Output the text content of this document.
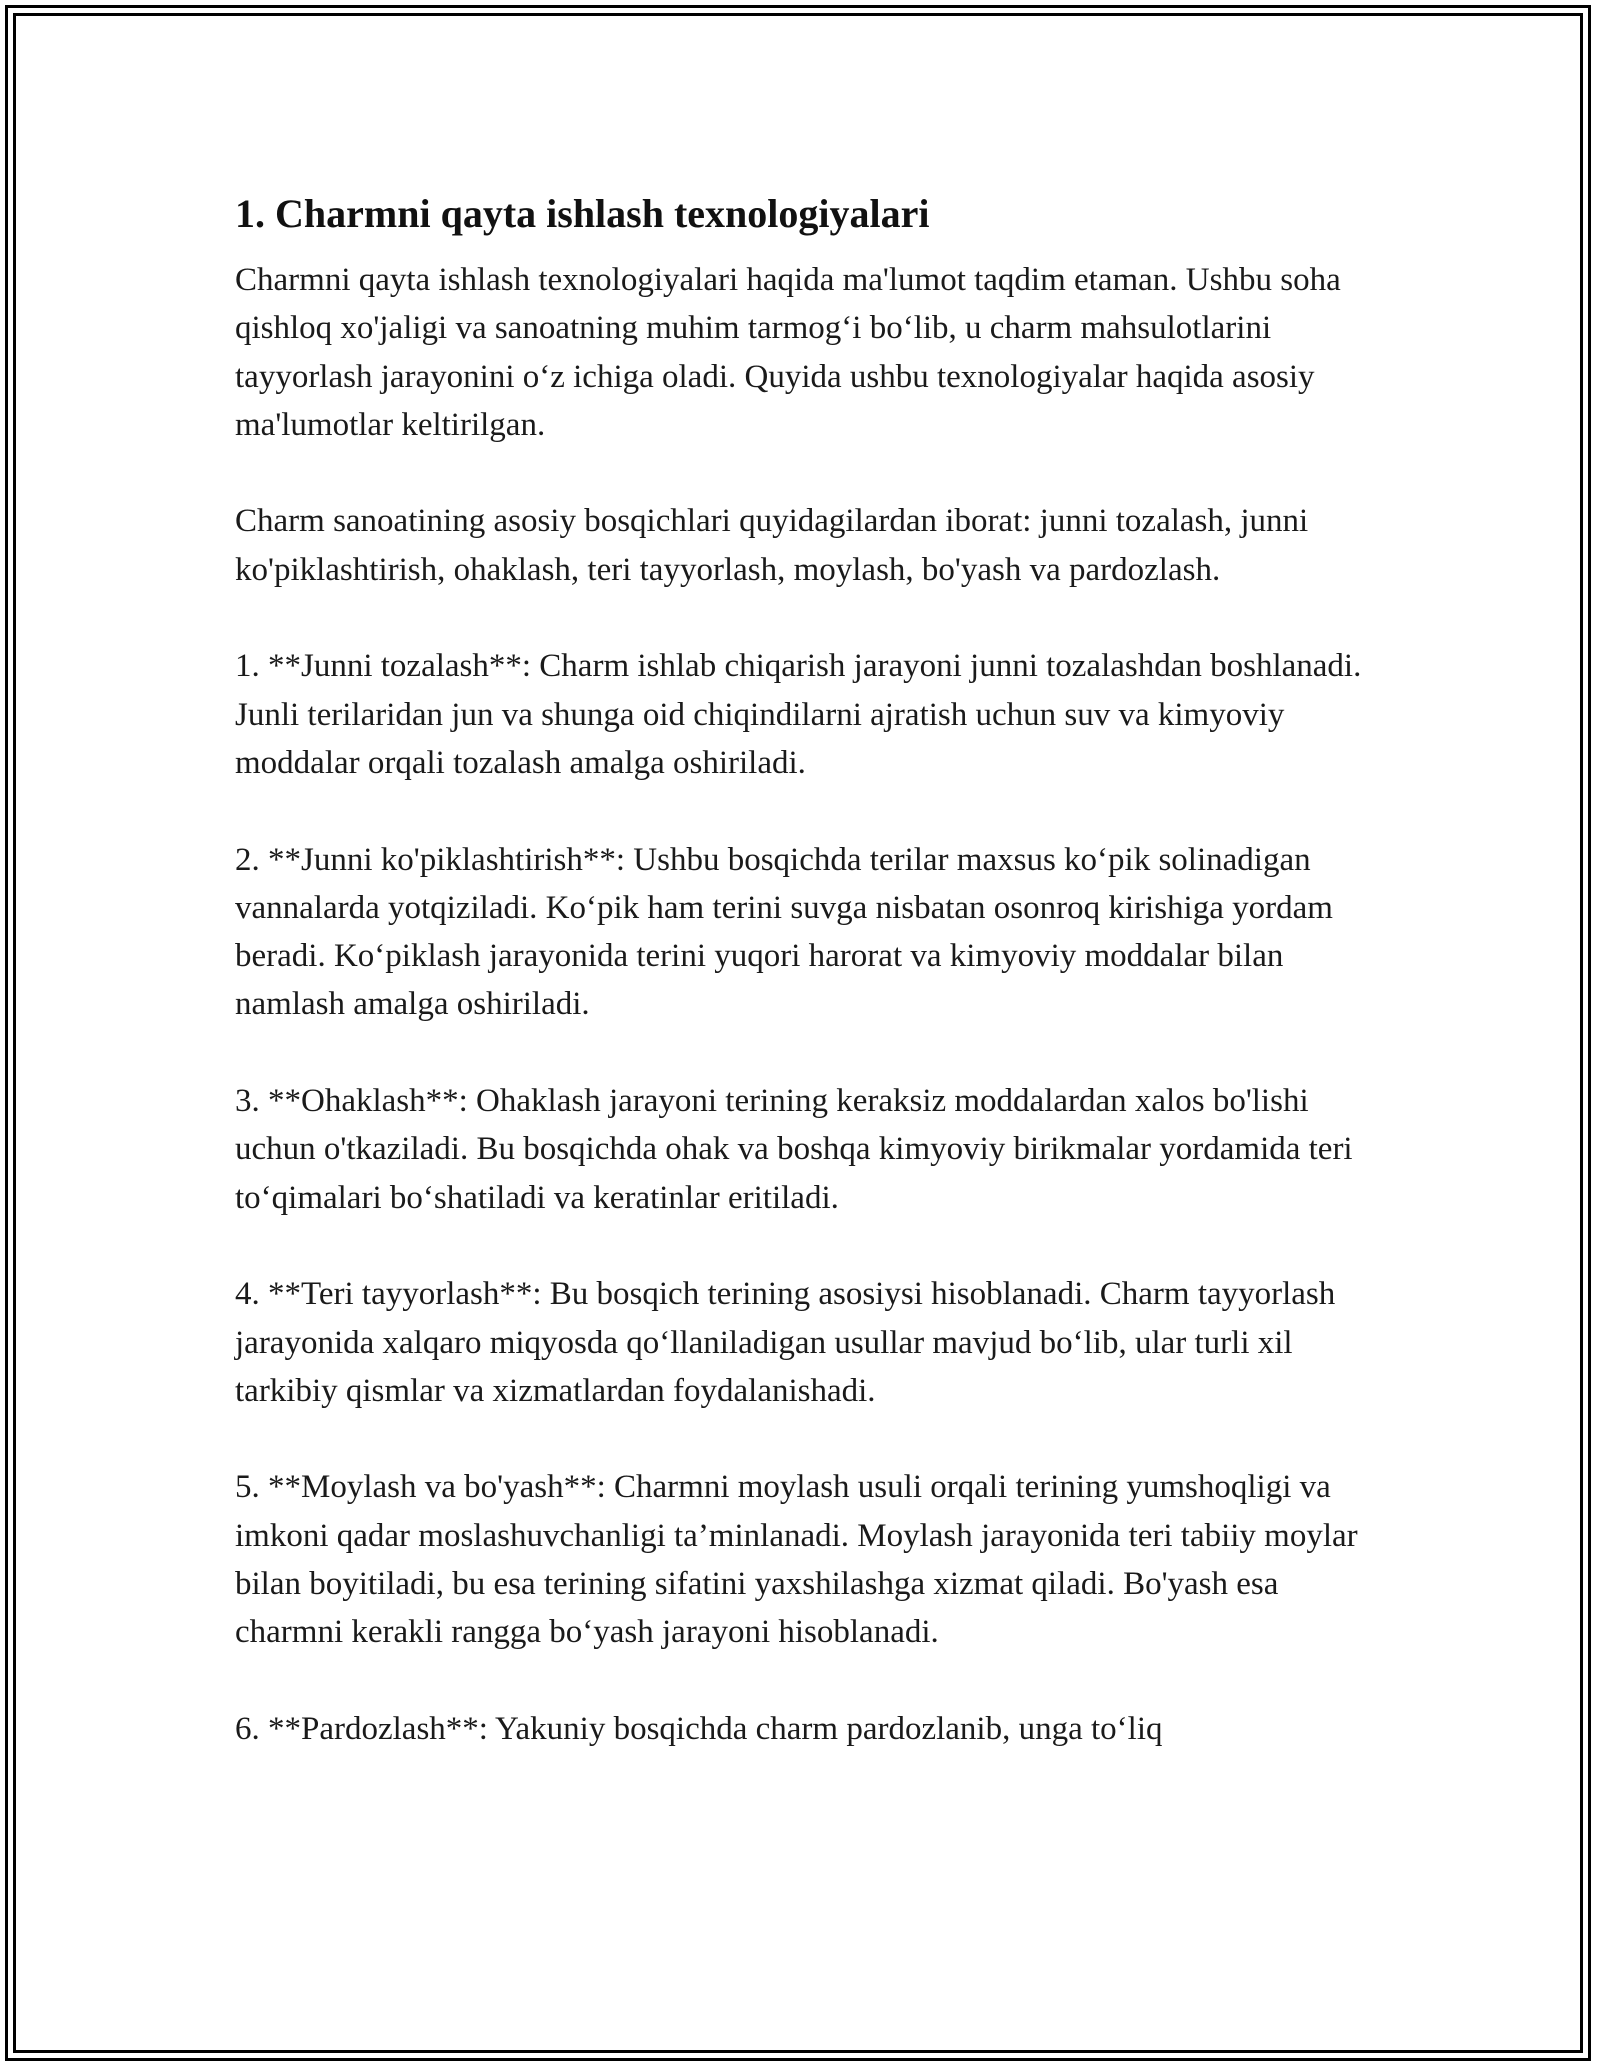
1. Charmni qayta ishlash texnologiyalari

Charmni qayta ishlash texnologiyalari haqida ma'lumot taqdim etaman. Ushbu soha qishloq xo'jaligi va sanoatning muhim tarmog‘i bo‘lib, u charm mahsulotlarini tayyorlash jarayonini o‘z ichiga oladi. Quyida ushbu texnologiyalar haqida asosiy ma'lumotlar keltirilgan.

Charm sanoatining asosiy bosqichlari quyidagilardan iborat: junni tozalash, junni ko'piklashtirish, ohaklash, teri tayyorlash, moylash, bo'yash va pardozlash.

1. **Junni tozalash**: Charm ishlab chiqarish jarayoni junni tozalashdan boshlanadi. Junli terilaridan jun va shunga oid chiqindilarni ajratish uchun suv va kimyoviy moddalar orqali tozalash amalga oshiriladi.

2. **Junni ko'piklashtirish**: Ushbu bosqichda terilar maxsus ko‘pik solinadigan vannalarda yotqiziladi. Ko‘pik ham terini suvga nisbatan osonroq kirishiga yordam beradi. Ko‘piklash jarayonida terini yuqori harorat va kimyoviy moddalar bilan namlash amalga oshiriladi.

3. **Ohaklash**: Ohaklash jarayoni terining keraksiz moddalardan xalos bo'lishi uchun o'tkaziladi. Bu bosqichda ohak va boshqa kimyoviy birikmalar yordamida teri to‘qimalari bo‘shatiladi va keratinlar eritiladi.

4. **Teri tayyorlash**: Bu bosqich terining asosiysi hisoblanadi. Charm tayyorlash jarayonida xalqaro miqyosda qo‘llaniladigan usullar mavjud bo‘lib, ular turli xil tarkibiy qismlar va xizmatlardan foydalanishadi.

5. **Moylash va bo'yash**: Charmni moylash usuli orqali terining yumshoqligi va imkoni qadar moslashuvchanligi ta’minlanadi. Moylash jarayonida teri tabiiy moylar bilan boyitiladi, bu esa terining sifatini yaxshilashga xizmat qiladi. Bo'yash esa charmni kerakli rangga bo‘yash jarayoni hisoblanadi.

6. **Pardozlash**: Yakuniy bosqichda charm pardozlanib, unga to‘liq
